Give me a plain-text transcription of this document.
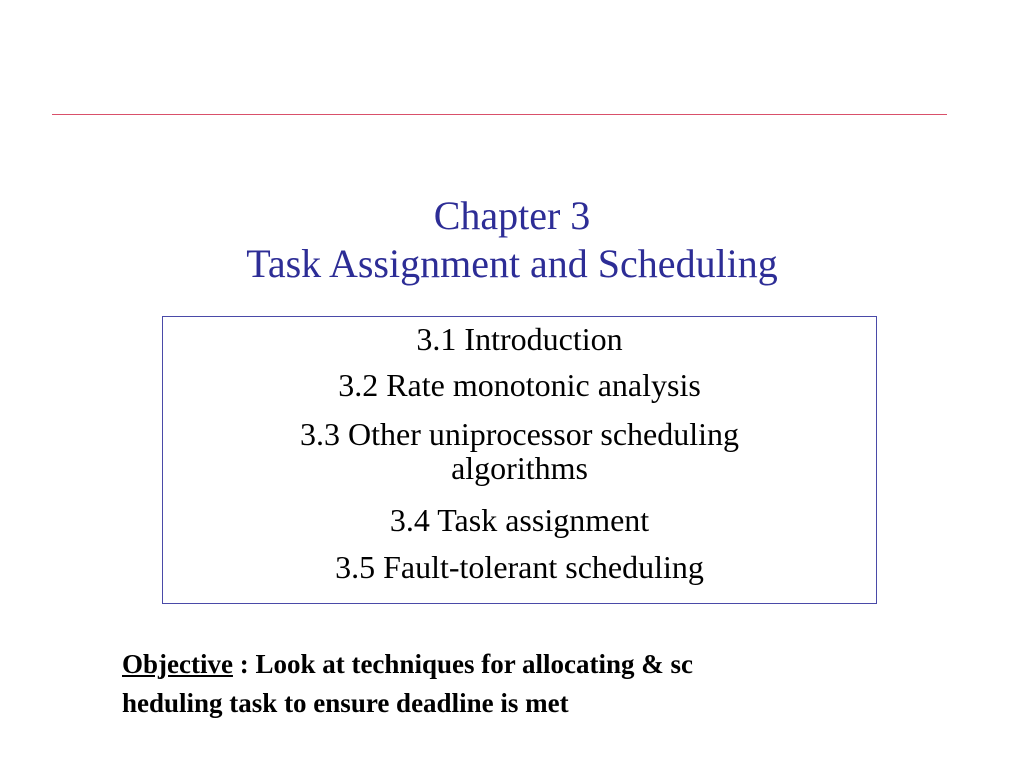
Chapter 3
Task Assignment and Scheduling
3.1 Introduction
3.2 Rate monotonic analysis
3.3 Other uniprocessor scheduling
algorithms
3.4 Task assignment
3.5 Fault-tolerant scheduling
Objective : Look at techniques for allocating & sc
heduling task to ensure deadline is met
